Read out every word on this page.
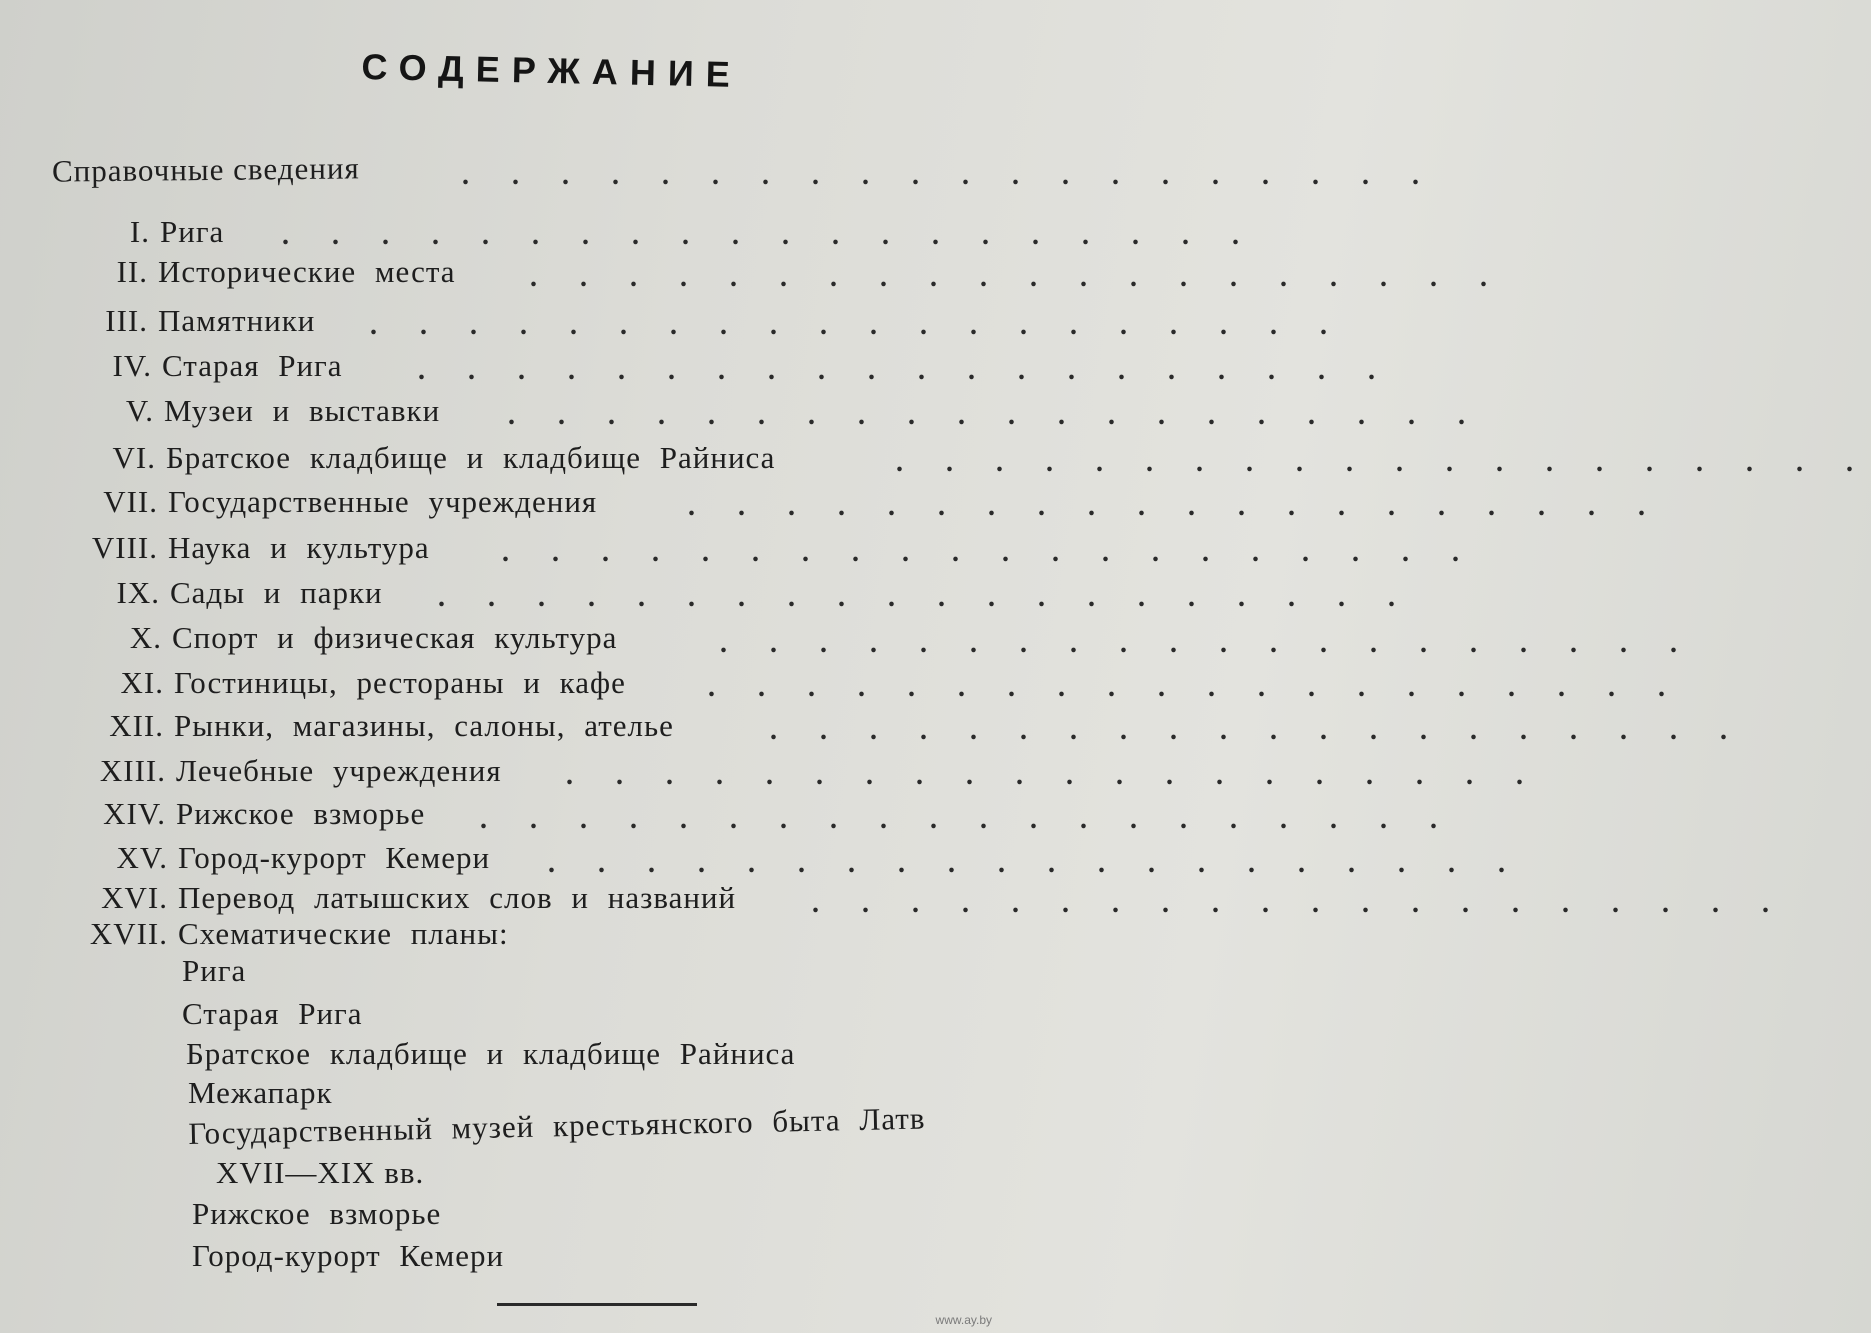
СОДЕРЖАНИЕ
Справочные сведения	. . . . . . . . . . . . . . . . . . . .
I. Рига . . . . . . . . . . . . . . . . . . . .
II. Исторические места	. . . . . . . . . . . . . . . . . . . .
III. Памятники . . . . . . . . . . . . . . . . . . . .
IV. Старая Рига	. . . . . . . . . . . . . . . . . . . .
V. Музеи и выставки . . . . . . . . . . . . . . . . . . . .
VI. Братское кладбище и кладбище Райниса	. . . . . . . . . . . . . . . . . . . .
VII. Государственные учреждения	. . . . . . . . . . . . . . . . . . . .
VIII. Наука и культура	. . . . . . . . . . . . . . . . . . . .
IX. Сады и парки . . . . . . . . . . . . . . . . . . . .
X. Спорт и физическая культура	. . . . . . . . . . . . . . . . . . . .
XI. Гостиницы, рестораны и кафе	. . . . . . . . . . . . . . . . . . . .
XII. Рынки, магазины, салоны, ателье	. . . . . . . . . . . . . . . . . . . .
XIII. Лечебные учреждения . . . . . . . . . . . . . . . . . . . .
XIV. Рижское взморье . . . . . . . . . . . . . . . . . . . .
XV. Город-курорт Кемери . . . . . . . . . . . . . . . . . . . .
XVI. Перевод латышских слов и названий	. . . . . . . . . . . . . . . . . . . .
XVII. Схематические планы:
Рига
Старая Рига
Братское кладбище и кладбище Райниса
Межапарк
Государственный музей крестьянского быта Латв
XVII—XIX вв.
Рижское взморье
Город-курорт Кемери
www.ay.by
